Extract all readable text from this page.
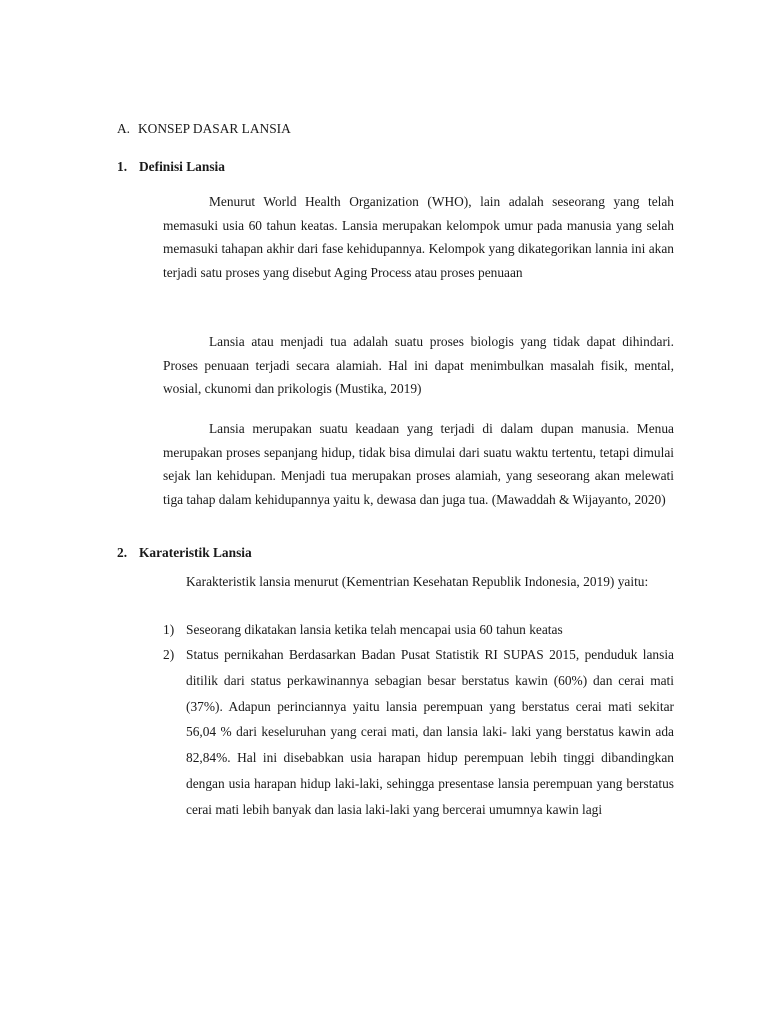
A. KONSEP DASAR LANSIA
1. Definisi Lansia

Menurut World Health Organization (WHO), lain adalah seseorang yang telah memasuki usia 60 tahun keatas. Lansia merupakan kelompok umur pada manusia yang selah memasuki tahapan akhir dari fase kehidupannya. Kelompok yang dikategorikan lannia ini akan terjadi satu proses yang disebut Aging Process atau proses penuaan

Lansia atau menjadi tua adalah suatu proses biologis yang tidak dapat dihindari. Proses penuaan terjadi secara alamiah. Hal ini dapat menimbulkan masalah fisik, mental, wosial, ckunomi dan prikologis (Mustika, 2019)

Lansia merupakan suatu keadaan yang terjadi di dalam dupan manusia. Menua merupakan proses sepanjang hidup, tidak bisa dimulai dari suatu waktu tertentu, tetapi dimulai sejak lan kehidupan. Menjadi tua merupakan proses alamiah, yang seseorang akan melewati tiga tahap dalam kehidupannya yaitu k, dewasa dan juga tua. (Mawaddah & Wijayanto, 2020)

2. Karateristik Lansia

Karakteristik lansia menurut (Kementrian Kesehatan Republik Indonesia, 2019) yaitu:

1) Seseorang dikatakan lansia ketika telah mencapai usia 60 tahun keatas

2) Status pernikahan Berdasarkan Badan Pusat Statistik RI SUPAS 2015, penduduk lansia ditilik dari status perkawinannya sebagian besar berstatus kawin (60%) dan cerai mati (37%). Adapun perinciannya yaitu lansia perempuan yang berstatus cerai mati sekitar 56,04 % dari keseluruhan yang cerai mati, dan lansia laki- laki yang berstatus kawin ada 82,84%. Hal ini disebabkan usia harapan hidup perempuan lebih tinggi dibandingkan dengan usia harapan hidup laki-laki, sehingga presentase lansia perempuan yang berstatus cerai mati lebih banyak dan lasia laki-laki yang bercerai umumnya kawin lagi
